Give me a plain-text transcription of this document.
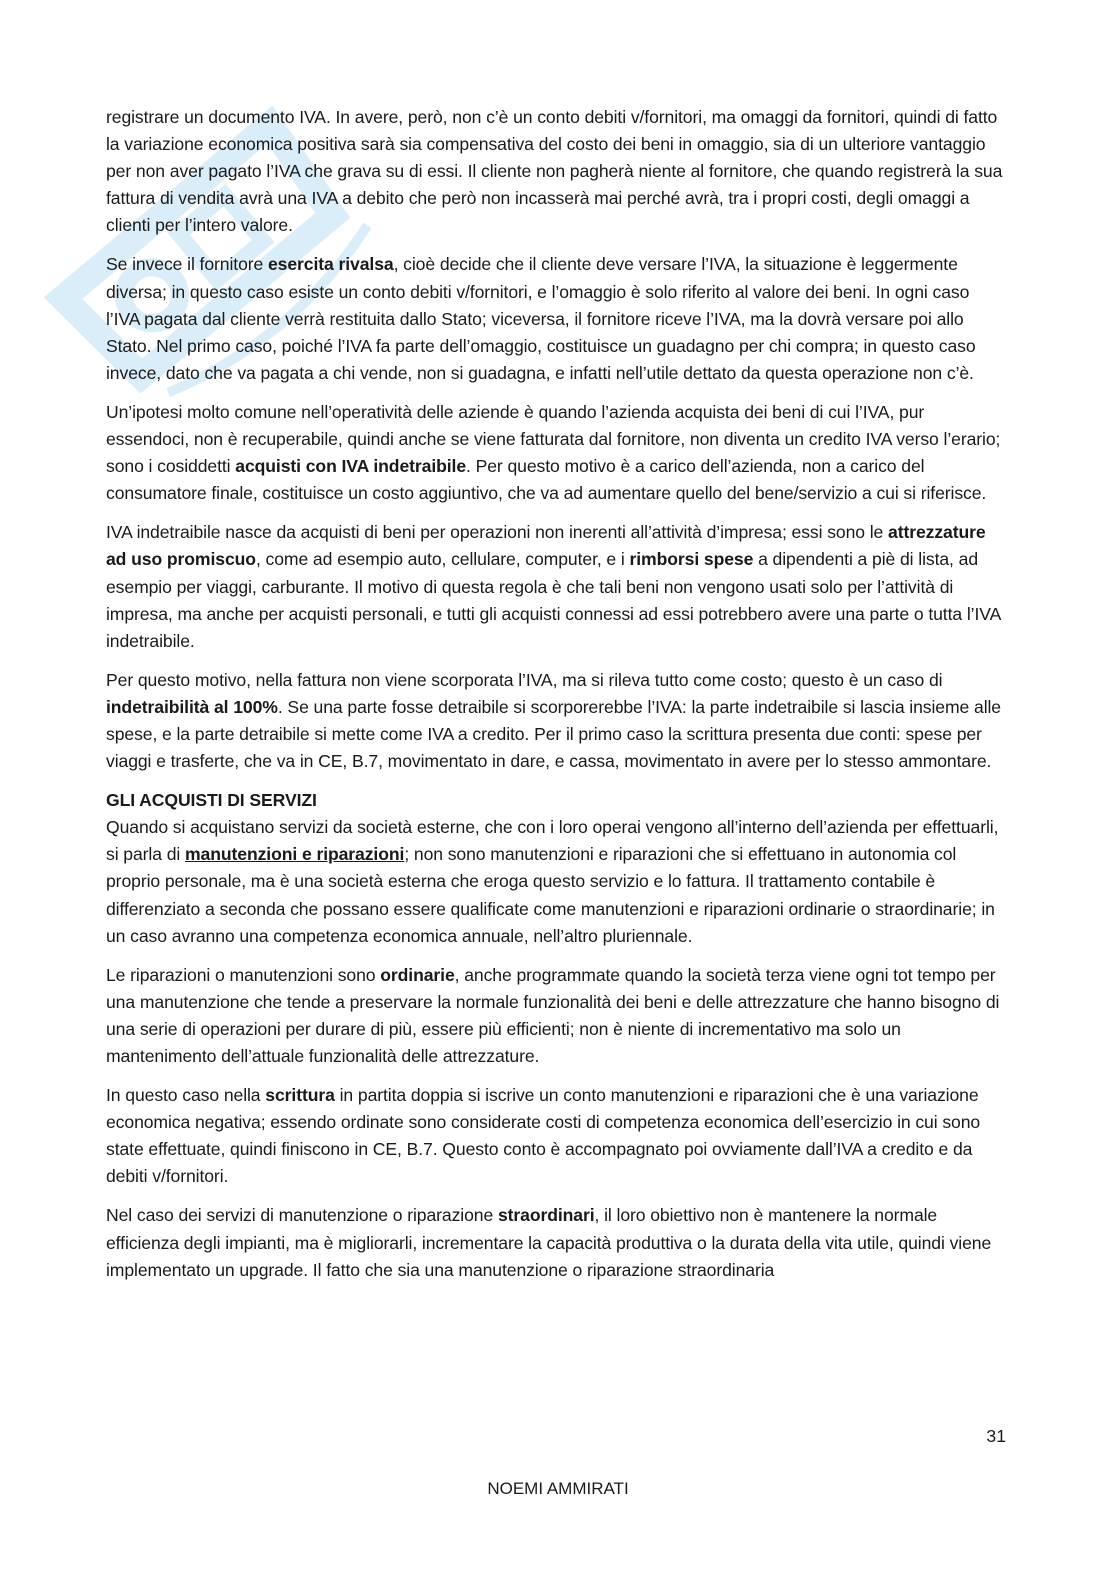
registrare un documento IVA. In avere, però, non c’è un conto debiti v/fornitori, ma omaggi da fornitori, quindi di fatto la variazione economica positiva sarà sia compensativa del costo dei beni in omaggio, sia di un ulteriore vantaggio per non aver pagato l’IVA che grava su di essi. Il cliente non pagherà niente al fornitore, che quando registrerà la sua fattura di vendita avrà una IVA a debito che però non incasserà mai perché avrà, tra i propri costi, degli omaggi a clienti per l’intero valore.

Se invece il fornitore esercita rivalsa, cioè decide che il cliente deve versare l’IVA, la situazione è leggermente diversa; in questo caso esiste un conto debiti v/fornitori, e l’omaggio è solo riferito al valore dei beni. In ogni caso l’IVA pagata dal cliente verrà restituita dallo Stato; viceversa, il fornitore riceve l’IVA, ma la dovrà versare poi allo Stato. Nel primo caso, poiché l’IVA fa parte dell’omaggio, costituisce un guadagno per chi compra; in questo caso invece, dato che va pagata a chi vende, non si guadagna, e infatti nell’utile dettato da questa operazione non c’è.

Un’ipotesi molto comune nell’operatività delle aziende è quando l’azienda acquista dei beni di cui l’IVA, pur essendoci, non è recuperabile, quindi anche se viene fatturata dal fornitore, non diventa un credito IVA verso l’erario; sono i cosiddetti acquisti con IVA indetraibile. Per questo motivo è a carico dell’azienda, non a carico del consumatore finale, costituisce un costo aggiuntivo, che va ad aumentare quello del bene/servizio a cui si riferisce.

IVA indetraibile nasce da acquisti di beni per operazioni non inerenti all’attività d’impresa; essi sono le attrezzature ad uso promiscuo, come ad esempio auto, cellulare, computer, e i rimborsi spese a dipendenti a piè di lista, ad esempio per viaggi, carburante. Il motivo di questa regola è che tali beni non vengono usati solo per l’attività di impresa, ma anche per acquisti personali, e tutti gli acquisti connessi ad essi potrebbero avere una parte o tutta l’IVA indetraibile.

Per questo motivo, nella fattura non viene scorporata l’IVA, ma si rileva tutto come costo; questo è un caso di indetraibilità al 100%. Se una parte fosse detraibile si scorporerebbe l’IVA: la parte indetraibile si lascia insieme alle spese, e la parte detraibile si mette come IVA a credito. Per il primo caso la scrittura presenta due conti: spese per viaggi e trasferte, che va in CE, B.7, movimentato in dare, e cassa, movimentato in avere per lo stesso ammontare.

GLI ACQUISTI DI SERVIZI

Quando si acquistano servizi da società esterne, che con i loro operai vengono all’interno dell’azienda per effettuarli, si parla di manutenzioni e riparazioni; non sono manutenzioni e riparazioni che si effettuano in autonomia col proprio personale, ma è una società esterna che eroga questo servizio e lo fattura. Il trattamento contabile è differenziato a seconda che possano essere qualificate come manutenzioni e riparazioni ordinarie o straordinarie; in un caso avranno una competenza economica annuale, nell’altro pluriennale.

Le riparazioni o manutenzioni sono ordinarie, anche programmate quando la società terza viene ogni tot tempo per una manutenzione che tende a preservare la normale funzionalità dei beni e delle attrezzature che hanno bisogno di una serie di operazioni per durare di più, essere più efficienti; non è niente di incrementativo ma solo un mantenimento dell’attuale funzionalità delle attrezzature.

In questo caso nella scrittura in partita doppia si iscrive un conto manutenzioni e riparazioni che è una variazione economica negativa; essendo ordinate sono considerate costi di competenza economica dell’esercizio in cui sono state effettuate, quindi finiscono in CE, B.7. Questo conto è accompagnato poi ovviamente dall’IVA a credito e da debiti v/fornitori.

Nel caso dei servizi di manutenzione o riparazione straordinari, il loro obiettivo non è mantenere la normale efficienza degli impianti, ma è migliorarli, incrementare la capacità produttiva o la durata della vita utile, quindi viene implementato un upgrade. Il fatto che sia una manutenzione o riparazione straordinaria

31
NOEMI AMMIRATI
